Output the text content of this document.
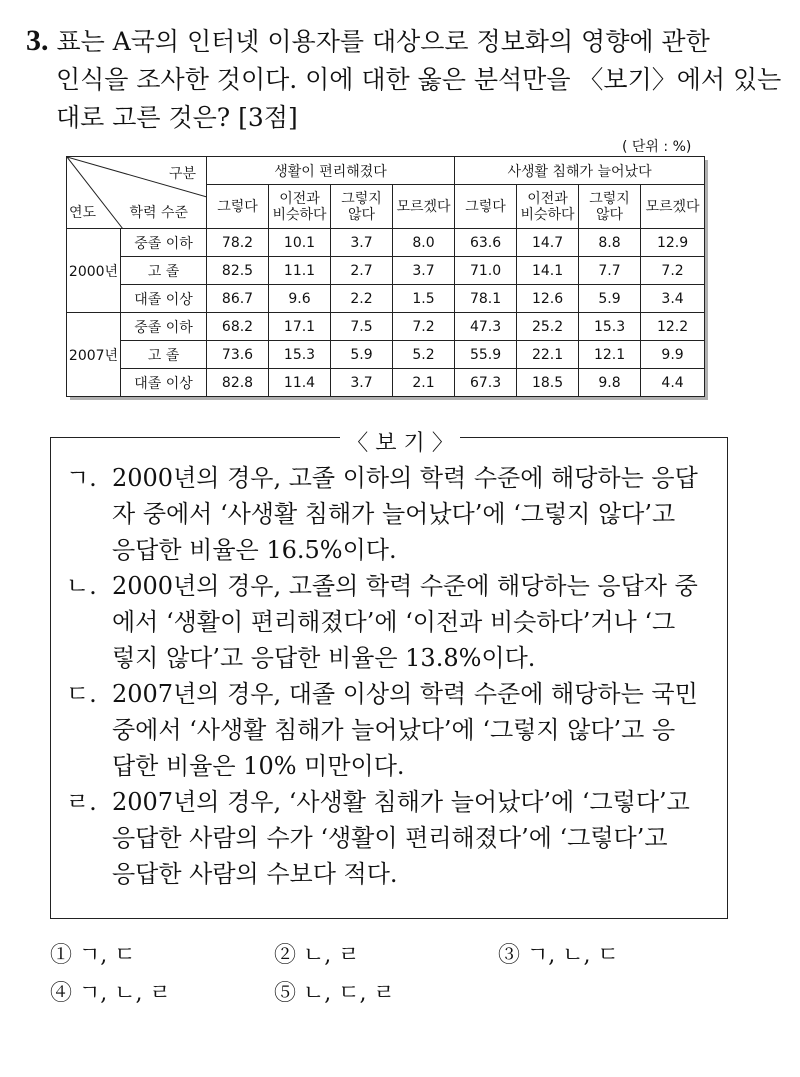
3. 표는 A국의 인터넷 이용자를 대상으로 정보화의 영향에 관한
인식을 조사한 것이다. 이에 대한 옳은 분석만을 〈보기〉에서 있는
대로 고른 것은? [3점]
( 단위 : %)
구분
학력 수준
연도		생활이 편리해졌다				사생활 침해가 늘어났다			

		그렇다	이전과
비슷하다	그렇지
않다	모르겠다	그렇다	이전과
비슷하다	그렇지
않다	모르겠다

2000년	중졸 이하	78.2	10.1	3.7	8.0	63.6	14.7	8.8	12.9
	고 졸	82.5	11.1	2.7	3.7	71.0	14.1	7.7	7.2
	대졸 이상	86.7	9.6	2.2	1.5	78.1	12.6	5.9	3.4
2007년	중졸 이하	68.2	17.1	7.5	7.2	47.3	25.2	15.3	12.2
	고 졸	73.6	15.3	5.9	5.2	55.9	22.1	12.1	9.9
	대졸 이상	82.8	11.4	3.7	2.1	67.3	18.5	9.8	4.4
〈 보 기 〉
ㄱ. 2000년의 경우, 고졸 이하의 학력 수준에 해당하는 응답
자 중에서 ‘사생활 침해가 늘어났다’에 ‘그렇지 않다’고
응답한 비율은 16.5%이다.
ㄴ. 2000년의 경우, 고졸의 학력 수준에 해당하는 응답자 중
에서 ‘생활이 편리해졌다’에 ‘이전과 비슷하다’거나 ‘그
렇지 않다’고 응답한 비율은 13.8%이다.
ㄷ. 2007년의 경우, 대졸 이상의 학력 수준에 해당하는 국민
중에서 ‘사생활 침해가 늘어났다’에 ‘그렇지 않다’고 응
답한 비율은 10% 미만이다.
ㄹ. 2007년의 경우, ‘사생활 침해가 늘어났다’에 ‘그렇다’고
응답한 사람의 수가 ‘생활이 편리해졌다’에 ‘그렇다’고
응답한 사람의 수보다 적다.
① ㄱ, ㄷ	② ㄴ, ㄹ	③ ㄱ, ㄴ, ㄷ
④ ㄱ, ㄴ, ㄹ	⑤ ㄴ, ㄷ, ㄹ
